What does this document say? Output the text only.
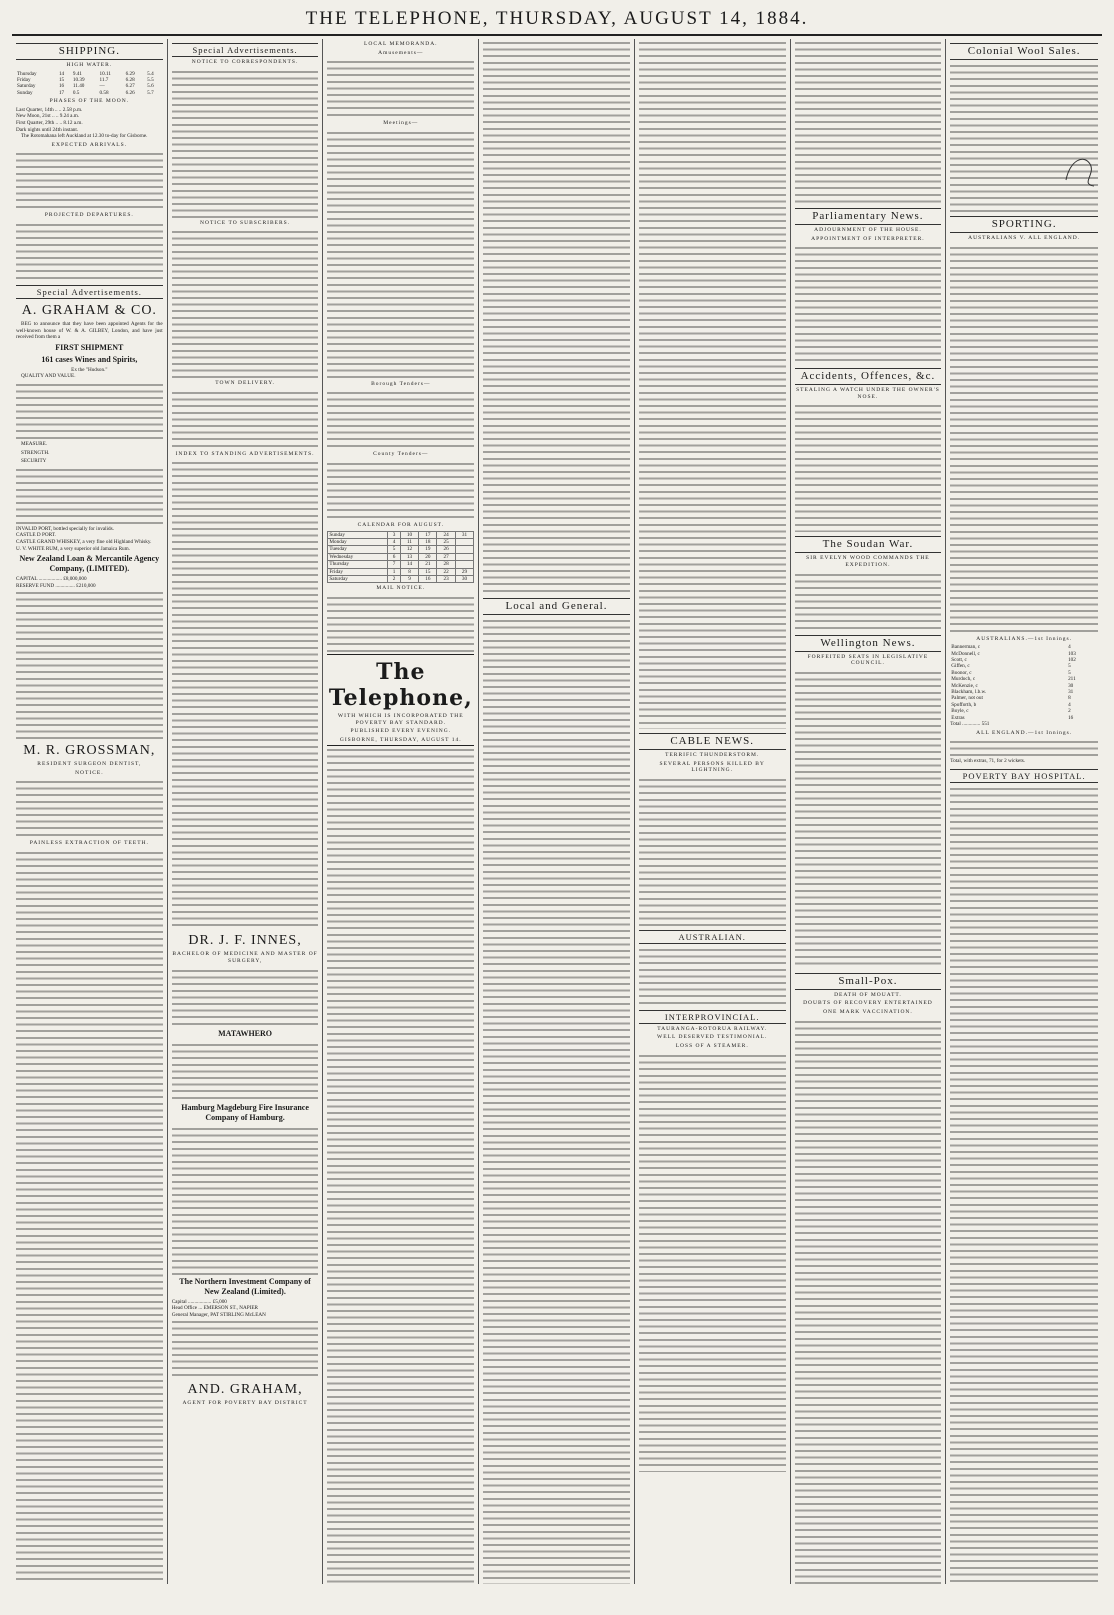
THE TELEPHONE, THURSDAY, AUGUST 14, 1884.
SHIPPING.
HIGH WATER.
Thursday	14	9.41	10.11	6.29	5.4
Friday	15	10.39	11.7	6.28	5.5
Saturday	16	11.40	—	6.27	5.6
Sunday	17	0.5	0.58	6.26	5.7
PHASES OF THE MOON.
Last Quarter, 14th .. .. 2.58 p.m.
New Moon, 21st .. .. 9.24 a.m.
First Quarter, 29th .. .. 8.12 a.m.
Dark nights until 24th instant.

The Rotomahana left Auckland at 12.30 to-day for Gisborne.

EXPECTED ARRIVALS.
PROJECTED DEPARTURES.
Special Advertisements.
A. GRAHAM & CO.

BEG to announce that they have been appointed Agents for the well-known house of W. & A. GILBEY, London, and have just received from them a

FIRST SHIPMENT
161 cases Wines and Spirits,
Ex the "Hudson."

QUALITY AND VALUE.

MEASURE.

STRENGTH.

SECURITY

INVALID PORT, bottled specially for invalids.
CASTLE D PORT.
CASTLE GRAND WHISKEY, a very fine old Highland Whisky.
U. V. WHITE RUM, a very superior old Jamaica Rum.
New Zealand Loan & Mercantile Agency Company, (LIMITED).
CAPITAL .................. £8,000,000
RESERVE FUND ............... £210,000
M. R. GROSSMAN,
RESIDENT SURGEON DENTIST,
NOTICE.
PAINLESS EXTRACTION OF TEETH.
Special Advertisements.
NOTICE TO CORRESPONDENTS.
NOTICE TO SUBSCRIBERS.
TOWN DELIVERY.
INDEX TO STANDING ADVERTISEMENTS.
DR. J. F. INNES,
BACHELOR OF MEDICINE AND MASTER OF SURGERY,
MATAWHERO
Hamburg Magdeburg Fire Insurance Company of Hamburg.
The Northern Investment Company of New Zealand (Limited).
Capital .................. £5,000
Head Office ... EMERSON ST., NAPIER
General Manager, PAT STIRLING McLEAN
AND. GRAHAM,
AGENT FOR POVERTY BAY DISTRICT
LOCAL MEMORANDA.
Amusements—
Meetings—
Borough Tenders—
County Tenders—
CALENDAR FOR AUGUST.
Sunday	3	10	17	24	31
Monday	4	11	18	25	
Tuesday	5	12	19	26	
Wednesday	6	13	20	27	
Thursday	7	14	21	28	
Friday	1	8	15	22	29
Saturday	2	9	16	23	30
MAIL NOTICE.
The Telephone,
WITH WHICH IS INCORPORATED THE POVERTY BAY STANDARD.
PUBLISHED EVERY EVENING.
GISBORNE, THURSDAY, AUGUST 14.
Local and General.
CABLE NEWS.
TERRIFIC THUNDERSTORM.
SEVERAL PERSONS KILLED BY LIGHTNING.
AUSTRALIAN.
INTERPROVINCIAL.
TAURANGA-ROTORUA RAILWAY.
WELL DESERVED TESTIMONIAL.
LOSS OF A STEAMER.
Parliamentary News.
ADJOURNMENT OF THE HOUSE.
APPOINTMENT OF INTERPRETER.
Accidents, Offences, &c.
STEALING A WATCH UNDER THE OWNER'S NOSE.
The Soudan War.
SIR EVELYN WOOD COMMANDS THE EXPEDITION.
Wellington News.
FORFEITED SEATS IN LEGISLATIVE COUNCIL.
Small-Pox.
DEATH OF MOUATT.
DOUBTS OF RECOVERY ENTERTAINED
ONE MARK VACCINATION.
Colonial Wool Sales.
SPORTING.
AUSTRALIANS V. ALL ENGLAND.
AUSTRALIANS.—1st Innings.
Bannerman, c	4
McDonnell, c	103
Scott, c	102
Giffen, c	5
Boonor, c	5
Murdoch, c	211
McKenzie, c	30
Blackham, l.b.w.	31
Palmer, not out	8
Spofforth, b	4
Boyle, c	2
Extras	16
Total .............. 551
ALL ENGLAND.—1st Innings.
Total, with extras, 71, for 2 wickets.
POVERTY BAY HOSPITAL.
